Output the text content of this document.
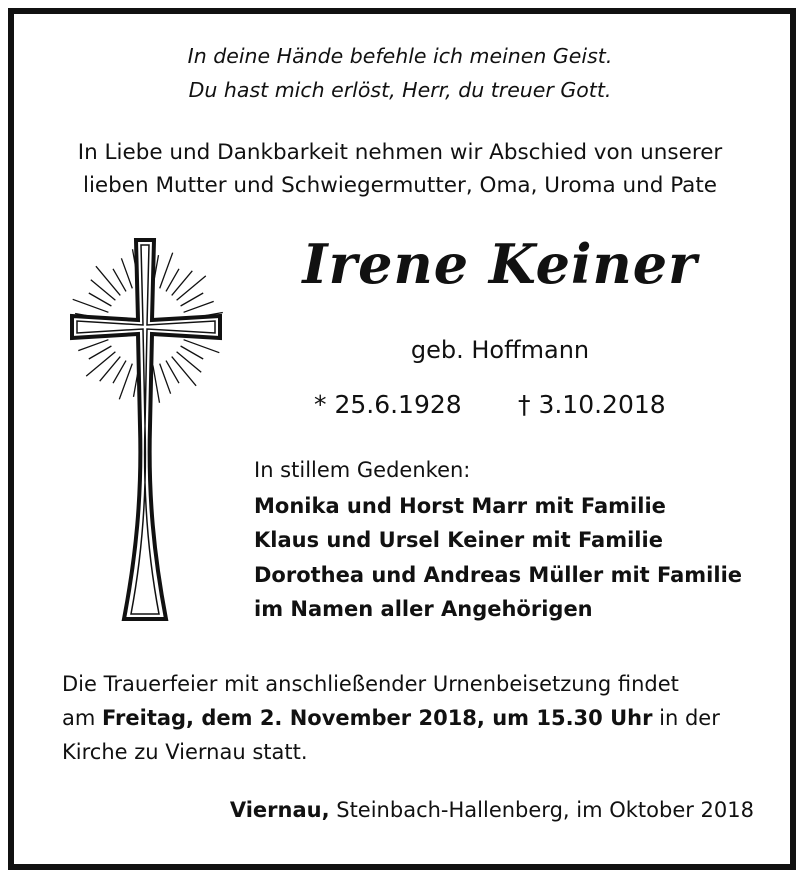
In deine Hände befehle ich meinen Geist.
Du hast mich erlöst, Herr, du treuer Gott.
In Liebe und Dankbarkeit nehmen wir Abschied von unserer
lieben Mutter und Schwiegermutter, Oma, Uroma und Pate
Irene Keiner
geb. Hoffmann
* 25.6.1928 † 3.10.2018
In stillem Gedenken:
Monika und Horst Marr mit Familie
Klaus und Ursel Keiner mit Familie
Dorothea und Andreas Müller mit Familie
im Namen aller Angehörigen
Die Trauerfeier mit anschließender Urnenbeisetzung findet
am Freitag, dem 2. November 2018, um 15.30 Uhr in der
Kirche zu Viernau statt.
Viernau, Steinbach-Hallenberg, im Oktober 2018
